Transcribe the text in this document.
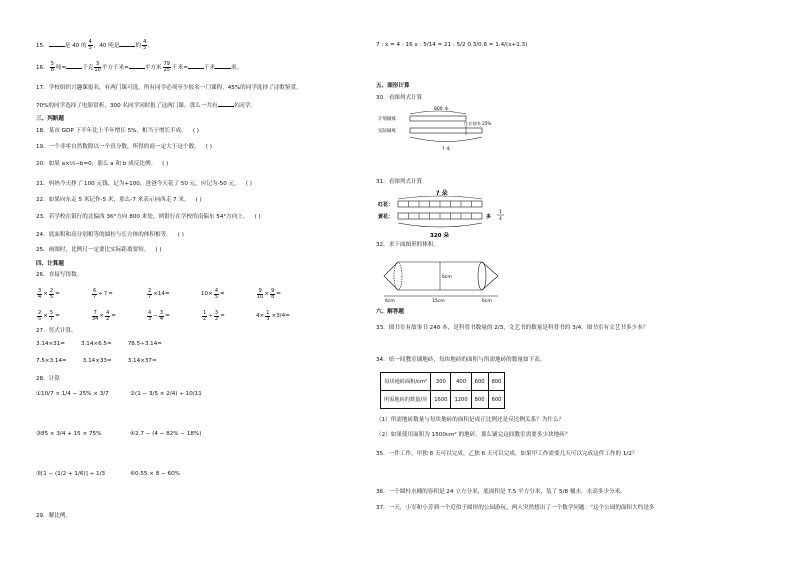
15．	是 40 的 $\frac{4}{5}$ ，40 吨是	的 $\frac{4}{5}$ 。
16． $\frac{5}{8}$ 吨=	千克 $\frac{3}{10}$ 平方千米=	平方米 $\frac{79}{25}$ 千米=	千米	米。
17．学校组织兴趣课报名，有两门课可选，所有同学必须至少报名一门课程，45%的同学选择了诗歌鉴赏，
70%的同学选择了电影赏析，300 名同学同时报了这两门课，那么一共有	名同学。
三、判断题
18．某市 GDP 下半年比上半年增长 5%，相当于增长半成。 ( )
19．一个非零自然数除以一个真分数，所得的商一定大于这个数。 ( )
20．如果 a×⅓−b=0，那么 a 和 b 成反比例。 ( )
21．妈妈今天挣了 100 元钱，记为+100，爸爸今天花了 50 元，应记为-50 元。 ( )
22．如果向东走 5 米记作-5 米，那么-7 米表示向西走 7 米。 ( )
23．若学校在银行的北偏西 36°方向 800 米处，则银行在学校的南偏东 54°方向上。 ( )
24．底面积和高分别相等的圆柱与长方体的体积相等。 ( )
25．画图时，比例尺一定要比实际距离要短。 ( )
四、计算题
26．直接写得数。
$\frac{3}{4} \times \frac{2}{5}$ =	$\frac{6}{7} \div 7$ =	$\frac{2}{7} \times 14=$	$10\times \frac{4}{5}$ =	$\frac{9}{10} \times \frac{9}{8}$ =
$\frac{2}{5} \times \frac{5}{7}$ =	$\frac{7}{34} \times \frac{4}{2}$ =	$\frac{4}{3} - \frac{3}{4}$ =	$\frac{1}{2} \div \frac{3}{2}$ =	$4\times \frac{1}{3} \times 3/4=$
27．竖式计算。
3.14×31=	3.14×6.5=	78.5÷3.14=
7.5×3.14=	3.14×33=	3.14×37=
28．计算
①10/7 × 1/4 − 25% × 3/7	②(1 − 3/5 × 2/4) ÷ 10/11
③85 × 3/4 + 15 × 75%	④2.7 − (4 − 82% − 18%)
⑤[1 − (1/2 + 1/6)] ÷ 1/3	⑥0.55 × 8 − 60%
29．解比例。
7 : x = 4 : 16 x : 5/14 = 21 : 5/2 0.3/0.6 = 1.4/(x+1.3)
五、图形计算
30．看图列式计算
800 本
计划做账
实际做账
比计划多 25%
? 本
31．看图列式计算
? 朵
红花：
黄花：	多
1
4
320 朵
32．求下面图形的体积。
6cm
6cm	15cm	6cm
六、解答题
33．图书室有故事书 240 本，是科普书数量的 2/3，文艺书的数量是科普书的 3/4，图书室有文艺书多少本？
34．给一间教室铺地砖，每块地砖的面积与所需地砖的数量如下表。
每块地砖面积/cm²	300	400	600	800
所需地砖的数量/块	1600	1200	800	600
（1）所需地砖数量与每块地砖的面积是成正比例还是反比例关系？为什么？
（2）如果使用面积为 1500cm² 的地砖，那么铺完这间教室需要多少块地砖？
35．一件工作，甲独 8 天可以完成，乙独 6 天可以完成，如果甲工作需要几天可以完成这件工作的 1/2？
36．一个圆柱水桶的容积是 24 立方分米，底面积是 7.5 平方分米，装了 5/8 桶水，水高多少分米。
37．一天，小军和小芳到一个近似于圆形的公园游玩，两人突然想出了一个数学问题：“这个公园的面积大约是多
